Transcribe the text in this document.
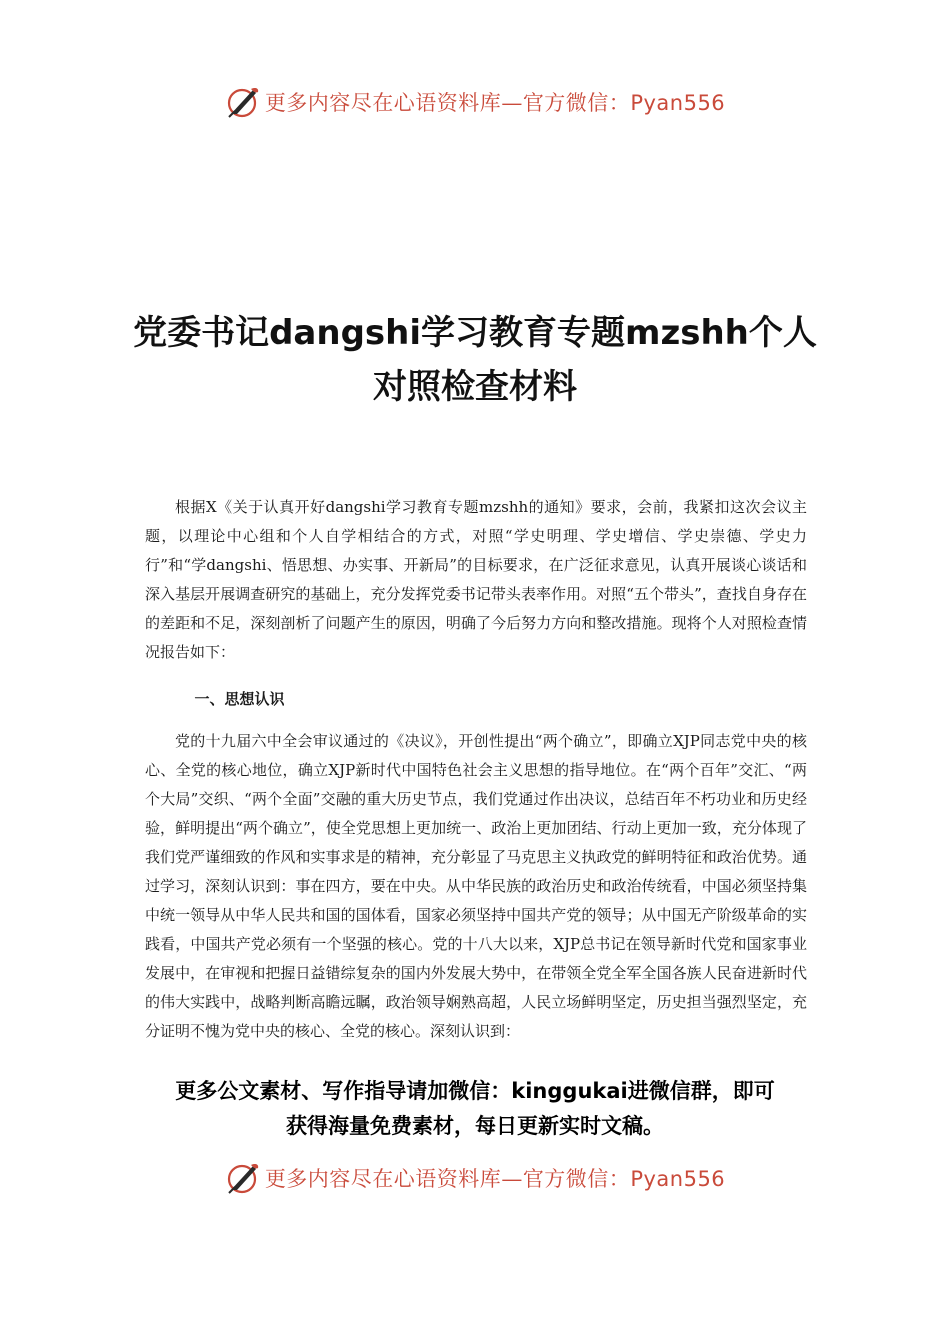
更多内容尽在心语资料库—官方微信：Pyan556
党委书记dangshi学习教育专题mzshh个人
对照检查材料

根据X《关于认真开好dangshi学习教育专题mzshh的通知》要求，会前，我紧扣这次会议主题，以理论中心组和个人自学相结合的方式，对照“学史明理、学史增信、学史崇德、学史力行”和“学dangshi、悟思想、办实事、开新局”的目标要求，在广泛征求意见，认真开展谈心谈话和深入基层开展调查研究的基础上，充分发挥党委书记带头表率作用。对照“五个带头”，查找自身存在的差距和不足，深刻剖析了问题产生的原因，明确了今后努力方向和整改措施。现将个人对照检查情况报告如下：

一、思想认识

党的十九届六中全会审议通过的《决议》，开创性提出“两个确立”，即确立XJP同志党中央的核心、全党的核心地位，确立XJP新时代中国特色社会主义思想的指导地位。在“两个百年”交汇、“两个大局”交织、“两个全面”交融的重大历史节点，我们党通过作出决议，总结百年不朽功业和历史经验，鲜明提出“两个确立”，使全党思想上更加统一、政治上更加团结、行动上更加一致，充分体现了我们党严谨细致的作风和实事求是的精神，充分彰显了马克思主义执政党的鲜明特征和政治优势。通过学习，深刻认识到：事在四方，要在中央。从中华民族的政治历史和政治传统看，中国必须坚持集中统一领导从中华人民共和国的国体看，国家必须坚持中国共产党的领导；从中国无产阶级革命的实践看，中国共产党必须有一个坚强的核心。党的十八大以来，XJP总书记在领导新时代党和国家事业发展中，在审视和把握日益错综复杂的国内外发展大势中，在带领全党全军全国各族人民奋进新时代的伟大实践中，战略判断高瞻远瞩，政治领导娴熟高超，人民立场鲜明坚定，历史担当强烈坚定，充分证明不愧为党中央的核心、全党的核心。深刻认识到：

更多公文素材、写作指导请加微信：kinggukai进微信群，即可
获得海量免费素材，每日更新实时文稿。
更多内容尽在心语资料库—官方微信：Pyan556
